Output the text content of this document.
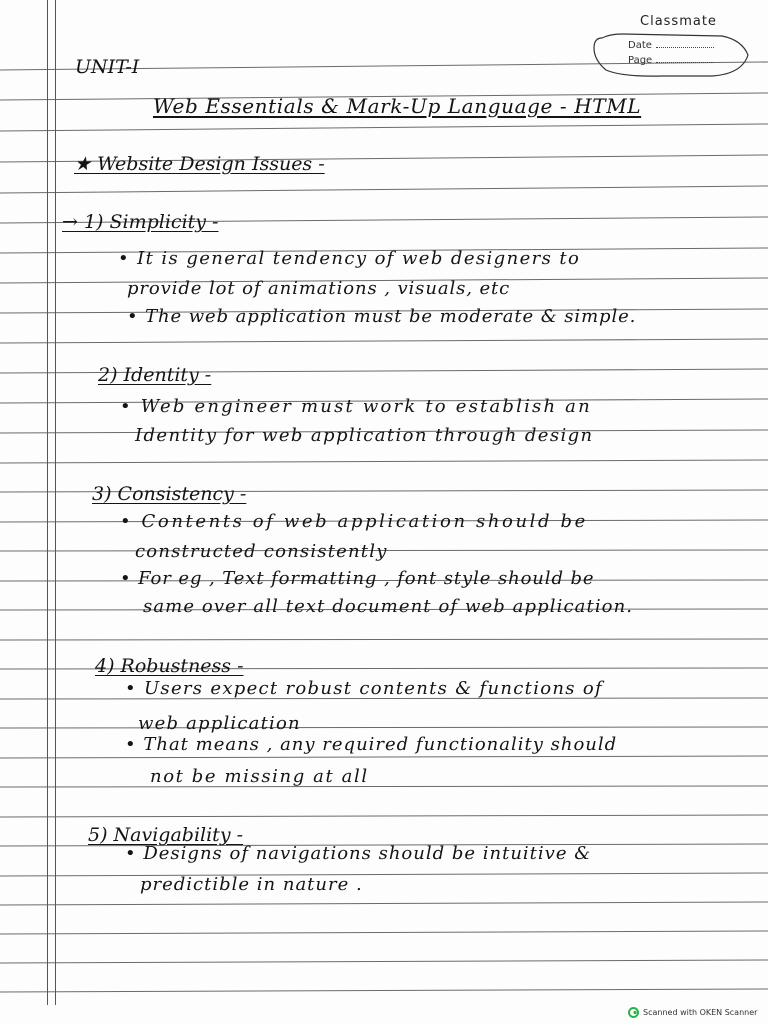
Classmate
Date
Page
UNIT-I
Web Essentials & Mark-Up Language - HTML
★ Website Design Issues -
→ 1) Simplicity -
• It is general tendency of web designers to
provide lot of animations , visuals, etc
• The web application must be moderate & simple.
2) Identity -
• Web engineer must work to establish an
Identity for web application through design
3) Consistency -
• Contents of web application should be
constructed consistently
• For eg , Text formatting , font style should be
same over all text document of web application.
4) Robustness -
• Users expect robust contents & functions of
web application
• That means , any required functionality should
not be missing at all
5) Navigability -
• Designs of navigations should be intuitive &
predictible in nature .
Scanned with OKEN Scanner
